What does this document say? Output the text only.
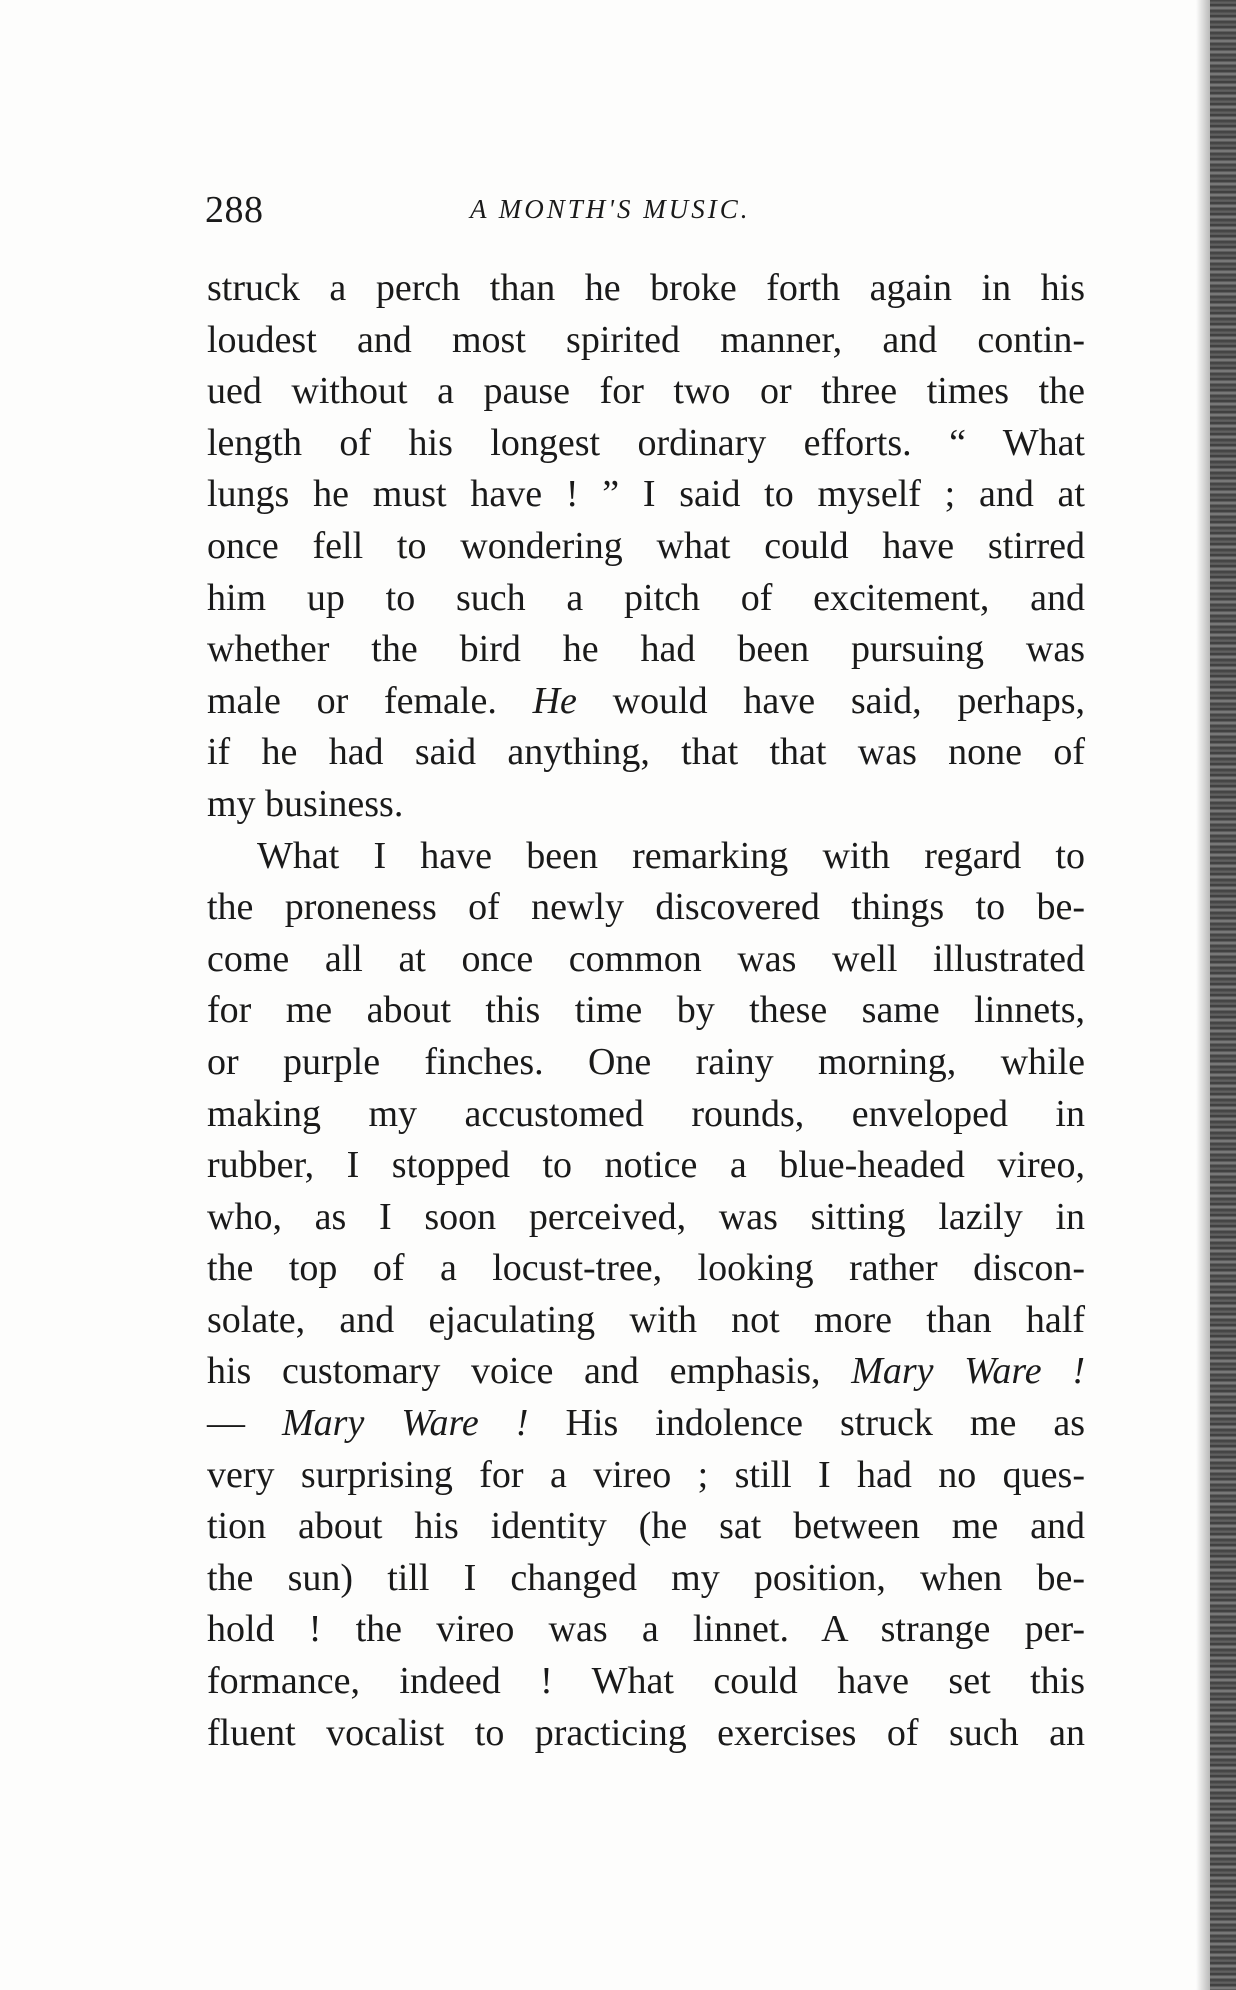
288	A MONTH'S MUSIC.
struck a perch than he broke forth again in his
loudest and most spirited manner, and contin-
ued without a pause for two or three times the
length of his longest ordinary efforts. “ What
lungs he must have ! ” I said to myself ; and at
once fell to wondering what could have stirred
him up to such a pitch of excitement, and
whether the bird he had been pursuing was
male or female. He would have said, perhaps,
if he had said anything, that that was none of
my business.
What I have been remarking with regard to
the proneness of newly discovered things to be-
come all at once common was well illustrated
for me about this time by these same linnets,
or purple finches. One rainy morning, while
making my accustomed rounds, enveloped in
rubber, I stopped to notice a blue-headed vireo,
who, as I soon perceived, was sitting lazily in
the top of a locust-tree, looking rather discon-
solate, and ejaculating with not more than half
his customary voice and emphasis, Mary Ware !
— Mary Ware ! His indolence struck me as
very surprising for a vireo ; still I had no ques-
tion about his identity (he sat between me and
the sun) till I changed my position, when be-
hold ! the vireo was a linnet. A strange per-
formance, indeed ! What could have set this
fluent vocalist to practicing exercises of such an
